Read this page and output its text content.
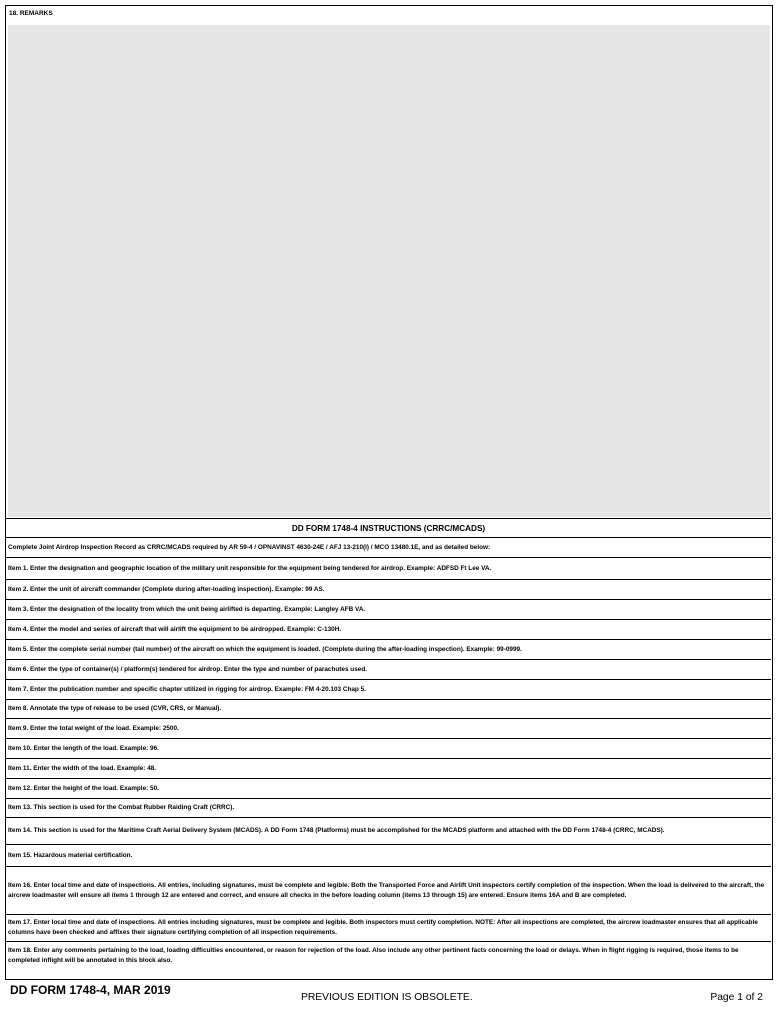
18. REMARKS
DD FORM 1748-4 INSTRUCTIONS (CRRC/MCADS)
Complete Joint Airdrop Inspection Record as CRRC/MCADS required by AR 59-4 / OPNAVINST 4630-24E / AFJ 13-210(I) / MCO 13480.1E, and as detailed below:
Item 1. Enter the designation and geographic location of the military unit responsible for the equipment being tendered for airdrop. Example: ADFSD Ft Lee VA.
Item 2. Enter the unit of aircraft commander (Complete during after-loading inspection). Example: 99 AS.
Item 3. Enter the designation of the locality from which the unit being airlifted is departing. Example: Langley AFB VA.
Item 4. Enter the model and series of aircraft that will airlift the equipment to be airdropped. Example: C-130H.
Item 5. Enter the complete serial number (tail number) of the aircraft on which the equipment is loaded. (Complete during the after-loading inspection). Example: 99-0999.
Item 6. Enter the type of container(s) / platform(s) tendered for airdrop. Enter the type and number of parachutes used.
Item 7. Enter the publication number and specific chapter utilized in rigging for airdrop. Example: FM 4-20.103 Chap 5.
Item 8. Annotate the type of release to be used (CVR, CRS, or Manual).
Item 9. Enter the total weight of the load. Example: 2500.
Item 10. Enter the length of the load. Example: 96.
Item 11. Enter the width of the load. Example: 48.
Item 12. Enter the height of the load. Example: 50.
Item 13. This section is used for the Combat Rubber Raiding Craft (CRRC).
Item 14. This section is used for the Maritime Craft Aerial Delivery System (MCADS). A DD Form 1748 (Platforms) must be accomplished for the MCADS platform and attached with the DD Form 1748-4 (CRRC, MCADS).
Item 15. Hazardous material certification.
Item 16. Enter local time and date of inspections. All entries, including signatures, must be complete and legible. Both the Transported Force and Airlift Unit inspectors certify completion of the inspection. When the load is delivered to the aircraft, the aircrew loadmaster will ensure all items 1 through 12 are entered and correct, and ensure all checks in the before loading column (items 13 through 15) are entered. Ensure items 16A and B are completed.
Item 17. Enter local time and date of inspections. All entries including signatures, must be complete and legible. Both inspectors must certify completion. NOTE: After all inspections are completed, the aircrew loadmaster ensures that all applicable columns have been checked and affixes their signature certifying completion of all inspection requirements.
Item 18. Enter any comments pertaining to the load, loading difficulties encountered, or reason for rejection of the load. Also include any other pertinent facts concerning the load or delays. When in flight rigging is required, those items to be completed inflight will be annotated in this block also.
DD FORM 1748-4, MAR 2019
PREVIOUS EDITION IS OBSOLETE.	Page 1 of 2
